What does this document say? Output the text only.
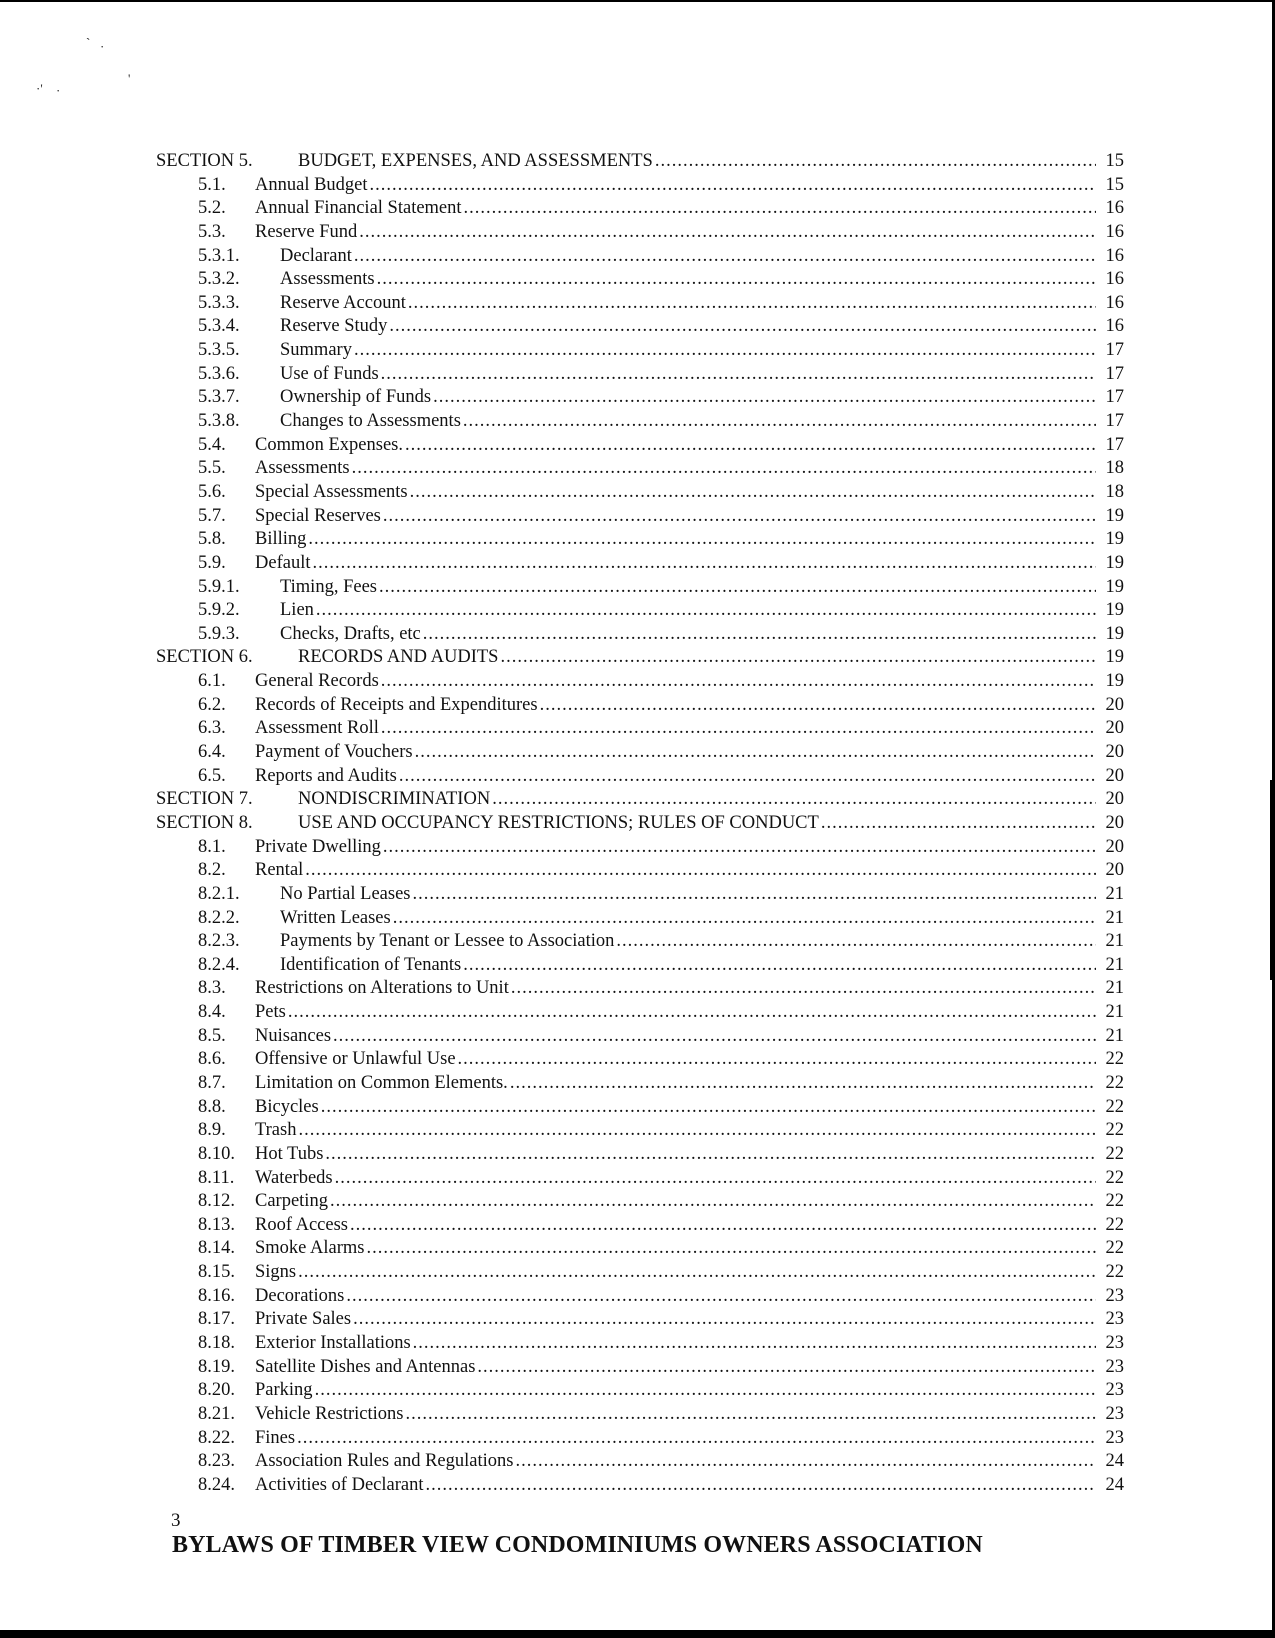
` ·
'
·' ·
SECTION 5.	BUDGET, EXPENSES, AND ASSESSMENTS .....	15
5.1.	Annual Budget .....	15
5.2.	Annual Financial Statement .....	16
5.3.	Reserve Fund .....	16
5.3.1.	Declarant .....	16
5.3.2.	Assessments .....	16
5.3.3.	Reserve Account .....	16
5.3.4.	Reserve Study .....	16
5.3.5.	Summary .....	17
5.3.6.	Use of Funds .....	17
5.3.7.	Ownership of Funds .....	17
5.3.8.	Changes to Assessments .....	17
5.4.	Common Expenses. .....	17
5.5.	Assessments .....	18
5.6.	Special Assessments .....	18
5.7.	Special Reserves .....	19
5.8.	Billing .....	19
5.9.	Default .....	19
5.9.1.	Timing, Fees .....	19
5.9.2.	Lien .....	19
5.9.3.	Checks, Drafts, etc .....	19
SECTION 6.	RECORDS AND AUDITS .....	19
6.1.	General Records .....	19
6.2.	Records of Receipts and Expenditures .....	20
6.3.	Assessment Roll .....	20
6.4.	Payment of Vouchers .....	20
6.5.	Reports and Audits .....	20
SECTION 7.	NONDISCRIMINATION .....	20
SECTION 8.	USE AND OCCUPANCY RESTRICTIONS; RULES OF CONDUCT .....	20
8.1.	Private Dwelling .....	20
8.2.	Rental .....	20
8.2.1.	No Partial Leases .....	21
8.2.2.	Written Leases .....	21
8.2.3.	Payments by Tenant or Lessee to Association .....	21
8.2.4.	Identification of Tenants .....	21
8.3.	Restrictions on Alterations to Unit .....	21
8.4.	Pets .....	21
8.5.	Nuisances .....	21
8.6.	Offensive or Unlawful Use .....	22
8.7.	Limitation on Common Elements. .....	22
8.8.	Bicycles .....	22
8.9.	Trash .....	22
8.10.	Hot Tubs .....	22
8.11.	Waterbeds .....	22
8.12.	Carpeting .....	22
8.13.	Roof Access .....	22
8.14.	Smoke Alarms .....	22
8.15.	Signs .....	22
8.16.	Decorations .....	23
8.17.	Private Sales .....	23
8.18.	Exterior Installations .....	23
8.19.	Satellite Dishes and Antennas .....	23
8.20.	Parking .....	23
8.21.	Vehicle Restrictions .....	23
8.22.	Fines .....	23
8.23.	Association Rules and Regulations .....	24
8.24.	Activities of Declarant .....	24
3
BYLAWS OF TIMBER VIEW CONDOMINIUMS OWNERS ASSOCIATION
